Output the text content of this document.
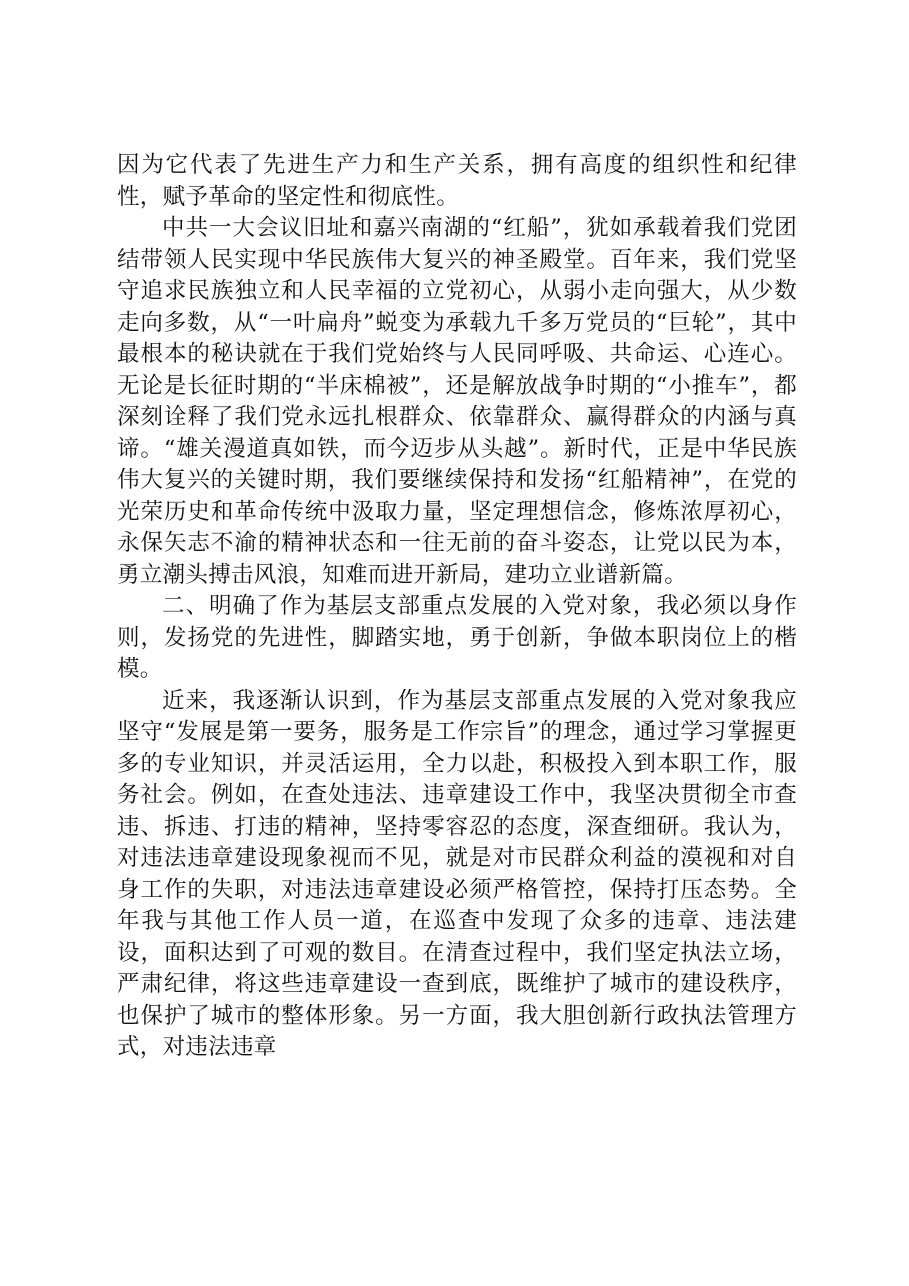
因为它代表了先进生产力和生产关系，拥有高度的组织性和纪律性，赋予革命的坚定性和彻底性。

中共一大会议旧址和嘉兴南湖的“红船”，犹如承载着我们党团结带领人民实现中华民族伟大复兴的神圣殿堂。百年来，我们党坚守追求民族独立和人民幸福的立党初心，从弱小走向强大，从少数走向多数，从“一叶扁舟”蜕变为承载九千多万党员的“巨轮”，其中最根本的秘诀就在于我们党始终与人民同呼吸、共命运、心连心。无论是长征时期的“半床棉被”，还是解放战争时期的“小推车”，都深刻诠释了我们党永远扎根群众、依靠群众、赢得群众的内涵与真谛。“雄关漫道真如铁，而今迈步从头越”。新时代，正是中华民族伟大复兴的关键时期，我们要继续保持和发扬“红船精神”，在党的光荣历史和革命传统中汲取力量，坚定理想信念，修炼浓厚初心，永保矢志不渝的精神状态和一往无前的奋斗姿态，让党以民为本，勇立潮头搏击风浪，知难而进开新局，建功立业谱新篇。

二、明确了作为基层支部重点发展的入党对象，我必须以身作则，发扬党的先进性，脚踏实地，勇于创新，争做本职岗位上的楷模。

近来，我逐渐认识到，作为基层支部重点发展的入党对象我应坚守“发展是第一要务，服务是工作宗旨”的理念，通过学习掌握更多的专业知识，并灵活运用，全力以赴，积极投入到本职工作，服务社会。例如，在查处违法、违章建设工作中，我坚决贯彻全市查违、拆违、打违的精神，坚持零容忍的态度，深查细研。我认为，对违法违章建设现象视而不见，就是对市民群众利益的漠视和对自身工作的失职，对违法违章建设必须严格管控，保持打压态势。全年我与其他工作人员一道，在巡查中发现了众多的违章、违法建设，面积达到了可观的数目。在清查过程中，我们坚定执法立场，严肃纪律，将这些违章建设一查到底，既维护了城市的建设秩序，也保护了城市的整体形象。另一方面，我大胆创新行政执法管理方式，对违法违章
